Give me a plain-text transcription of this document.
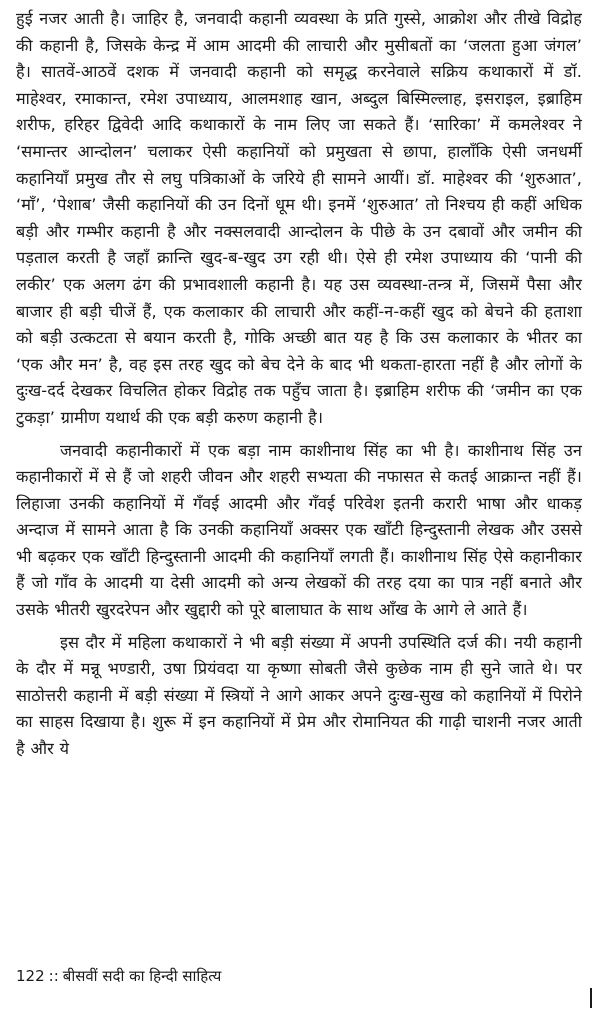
हुई नजर आती है। जाहिर है, जनवादी कहानी व्यवस्था के प्रति गुस्से, आक्रोश और तीखे विद्रोह की कहानी है, जिसके केन्द्र में आम आदमी की लाचारी और मुसीबतों का ‘जलता हुआ जंगल’ है। सातवें-आठवें दशक में जनवादी कहानी को समृद्ध करनेवाले सक्रिय कथाकारों में डॉ. माहेश्वर, रमाकान्त, रमेश उपाध्याय, आलमशाह खान, अब्दुल बिस्मिल्लाह, इसराइल, इब्राहिम शरीफ, हरिहर द्विवेदी आदि कथाकारों के नाम लिए जा सकते हैं। ‘सारिका’ में कमलेश्वर ने ‘समान्तर आन्दोलन’ चलाकर ऐसी कहानियों को प्रमुखता से छापा, हालाँकि ऐसी जनधर्मी कहानियाँ प्रमुख तौर से लघु पत्रिकाओं के जरिये ही सामने आयीं। डॉ. माहेश्वर की ‘शुरुआत’, ‘माँ’, ‘पेशाब’ जैसी कहानियों की उन दिनों धूम थी। इनमें ‘शुरुआत’ तो निश्चय ही कहीं अधिक बड़ी और गम्भीर कहानी है और नक्सलवादी आन्दोलन के पीछे के उन दबावों और जमीन की पड़ताल करती है जहाँ क्रान्ति खुद-ब-खुद उग रही थी। ऐसे ही रमेश उपाध्याय की ‘पानी की लकीर’ एक अलग ढंग की प्रभावशाली कहानी है। यह उस व्यवस्था-तन्त्र में, जिसमें पैसा और बाजार ही बड़ी चीजें हैं, एक कलाकार की लाचारी और कहीं-न-कहीं खुद को बेचने की हताशा को बड़ी उत्कटता से बयान करती है, गोकि अच्छी बात यह है कि उस कलाकार के भीतर का ‘एक और मन’ है, वह इस तरह खुद को बेच देने के बाद भी थकता-हारता नहीं है और लोगों के दुःख-दर्द देखकर विचलित होकर विद्रोह तक पहुँच जाता है। इब्राहिम शरीफ की ‘जमीन का एक टुकड़ा’ ग्रामीण यथार्थ की एक बड़ी करुण कहानी है।

जनवादी कहानीकारों में एक बड़ा नाम काशीनाथ सिंह का भी है। काशीनाथ सिंह उन कहानीकारों में से हैं जो शहरी जीवन और शहरी सभ्यता की नफासत से कतई आक्रान्त नहीं हैं। लिहाजा उनकी कहानियों में गँवई आदमी और गँवई परिवेश इतनी करारी भाषा और धाकड़ अन्दाज में सामने आता है कि उनकी कहानियाँ अक्सर एक खाँटी हिन्दुस्तानी लेखक और उससे भी बढ़कर एक खाँटी हिन्दुस्तानी आदमी की कहानियाँ लगती हैं। काशीनाथ सिंह ऐसे कहानीकार हैं जो गाँव के आदमी या देसी आदमी को अन्य लेखकों की तरह दया का पात्र नहीं बनाते और उसके भीतरी खुरदरेपन और खुद्दारी को पूरे बालाघात के साथ आँख के आगे ले आते हैं।

इस दौर में महिला कथाकारों ने भी बड़ी संख्या में अपनी उपस्थिति दर्ज की। नयी कहानी के दौर में मन्नू भण्डारी, उषा प्रियंवदा या कृष्णा सोबती जैसे कुछेक नाम ही सुने जाते थे। पर साठोत्तरी कहानी में बड़ी संख्या में स्त्रियों ने आगे आकर अपने दुःख-सुख को कहानियों में पिरोने का साहस दिखाया है। शुरू में इन कहानियों में प्रेम और रोमानियत की गाढ़ी चाशनी नजर आती है और ये

122 :: बीसवीं सदी का हिन्दी साहित्य
